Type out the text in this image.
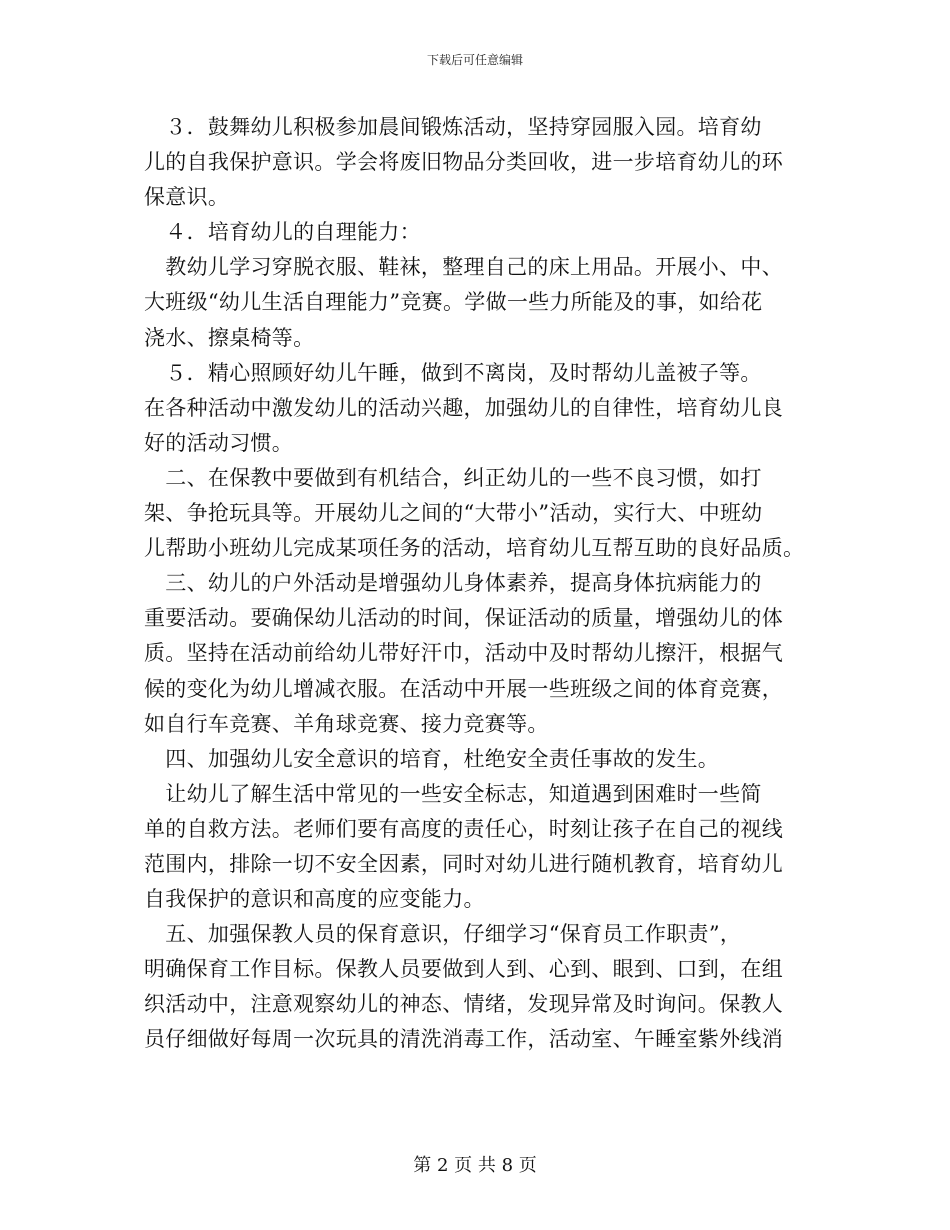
下载后可任意编辑
　３．鼓舞幼儿积极参加晨间锻炼活动，坚持穿园服入园。培育幼
儿的自我保护意识。学会将废旧物品分类回收，进一步培育幼儿的环
保意识。
　４．培育幼儿的自理能力：
　教幼儿学习穿脱衣服、鞋袜，整理自己的床上用品。开展小、中、
大班级“幼儿生活自理能力”竞赛。学做一些力所能及的事，如给花
浇水、擦桌椅等。
　５．精心照顾好幼儿午睡，做到不离岗，及时帮幼儿盖被子等。
在各种活动中激发幼儿的活动兴趣，加强幼儿的自律性，培育幼儿良
好的活动习惯。
　二、在保教中要做到有机结合，纠正幼儿的一些不良习惯，如打
架、争抢玩具等。开展幼儿之间的“大带小”活动，实行大、中班幼
儿帮助小班幼儿完成某项任务的活动，培育幼儿互帮互助的良好品质。
　三、幼儿的户外活动是增强幼儿身体素养，提高身体抗病能力的
重要活动。要确保幼儿活动的时间，保证活动的质量，增强幼儿的体
质。坚持在活动前给幼儿带好汗巾，活动中及时帮幼儿擦汗，根据气
候的变化为幼儿增减衣服。在活动中开展一些班级之间的体育竞赛，
如自行车竞赛、羊角球竞赛、接力竞赛等。
　四、加强幼儿安全意识的培育，杜绝安全责任事故的发生。
　让幼儿了解生活中常见的一些安全标志，知道遇到困难时一些简
单的自救方法。老师们要有高度的责任心，时刻让孩子在自己的视线
范围内，排除一切不安全因素，同时对幼儿进行随机教育，培育幼儿
自我保护的意识和高度的应变能力。
　五、加强保教人员的保育意识，仔细学习“保育员工作职责”，
明确保育工作目标。保教人员要做到人到、心到、眼到、口到，在组
织活动中，注意观察幼儿的神态、情绪，发现异常及时询问。保教人
员仔细做好每周一次玩具的清洗消毒工作，活动室、午睡室紫外线消
第 2 页 共 8 页
